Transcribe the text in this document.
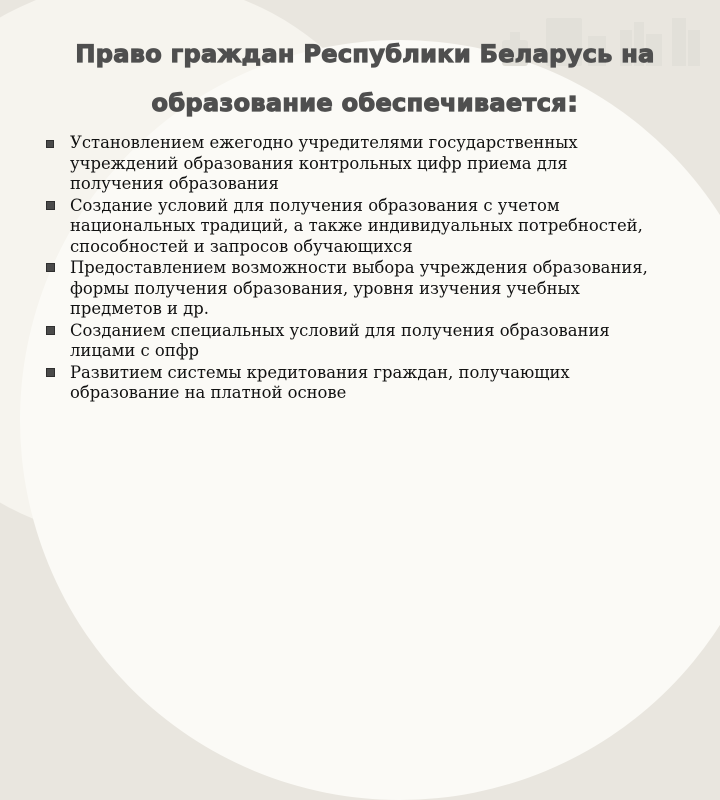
Право граждан Республики Беларусь на
образование обеспечивается:
Установлением ежегодно учредителями государственных учреждений образования контрольных цифр приема для получения образования
Создание условий для получения образования с учетом национальных традиций, а также индивидуальных потребностей, способностей и запросов обучающихся
Предоставлением возможности выбора учреждения образования, формы получения образования, уровня изучения учебных предметов и др.
Созданием специальных условий для получения образования лицами с опфр
Развитием системы кредитования граждан, получающих образование на платной основе
